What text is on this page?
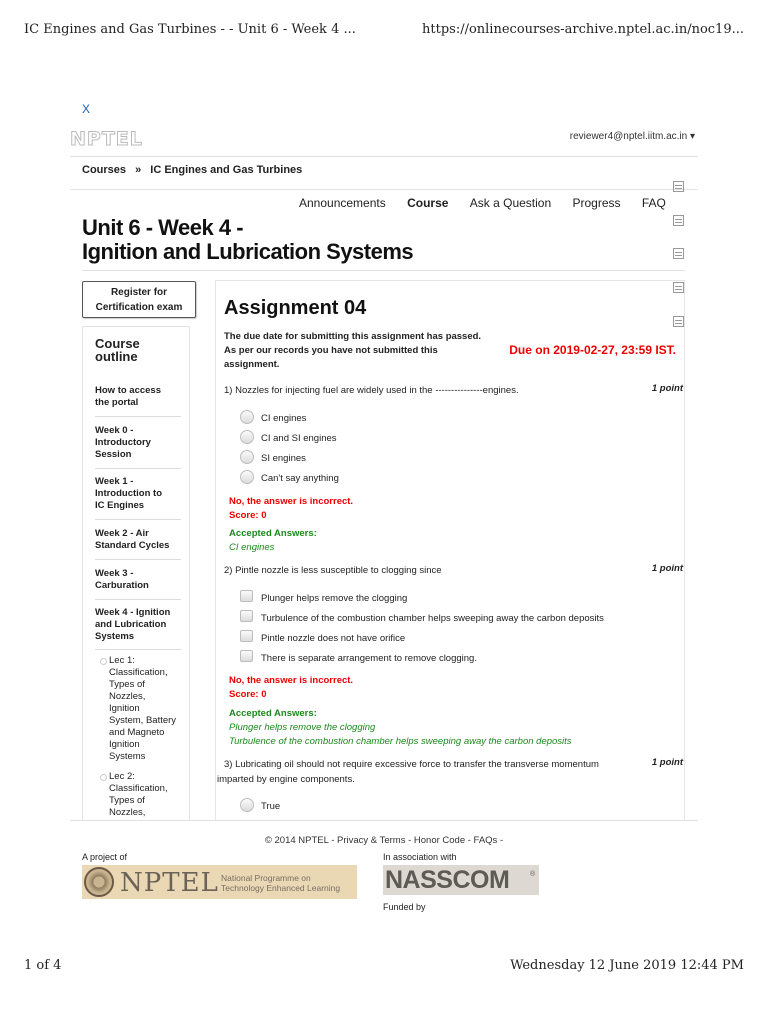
IC Engines and Gas Turbines - - Unit 6 - Week 4 ...	https://onlinecourses-archive.nptel.ac.in/noc19...
X
NPTEL	reviewer4@nptel.iitm.ac.in ▾
Courses » IC Engines and Gas Turbines
Announcements Course Ask a Question Progress FAQ
Unit 6 - Week 4 -
Ignition and Lubrication Systems
Register for
Certification exam
Course
outline
How to access
the portal
Week 0 -
Introductory
Session
Week 1 -
Introduction to
IC Engines
Week 2 - Air
Standard Cycles
Week 3 -
Carburation
Week 4 - Ignition
and Lubrication
Systems
Lec 1:
Classification,
Types of
Nozzles,
Ignition
System, Battery
and Magneto
Ignition
Systems
Lec 2:
Classification,
Types of
Nozzles,
Assignment 04
The due date for submitting this assignment has passed.
As per our records you have not submitted this
assignment.
Due on 2019-02-27, 23:59 IST.
1) Nozzles for injecting fuel are widely used in the ---------------engines.	1 point
CI engines
CI and SI engines
SI engines
Can't say anything
No, the answer is incorrect.
Score: 0
Accepted Answers:
CI engines
2) Pintle nozzle is less susceptible to clogging since	1 point
Plunger helps remove the clogging
Turbulence of the combustion chamber helps sweeping away the carbon deposits
Pintle nozzle does not have orifice
There is separate arrangement to remove clogging.
No, the answer is incorrect.
Score: 0
Accepted Answers:
Plunger helps remove the clogging
Turbulence of the combustion chamber helps sweeping away the carbon deposits
3) Lubricating oil should not require excessive force to transfer the transverse momentum
imparted by engine components.
1 point
True
© 2014 NPTEL - Privacy & Terms - Honor Code - FAQs -
A project of	In association with
NPTEL National Programme on
Technology Enhanced Learning	NASSCOM	®
Funded by
1 of 4	Wednesday 12 June 2019 12:44 PM
